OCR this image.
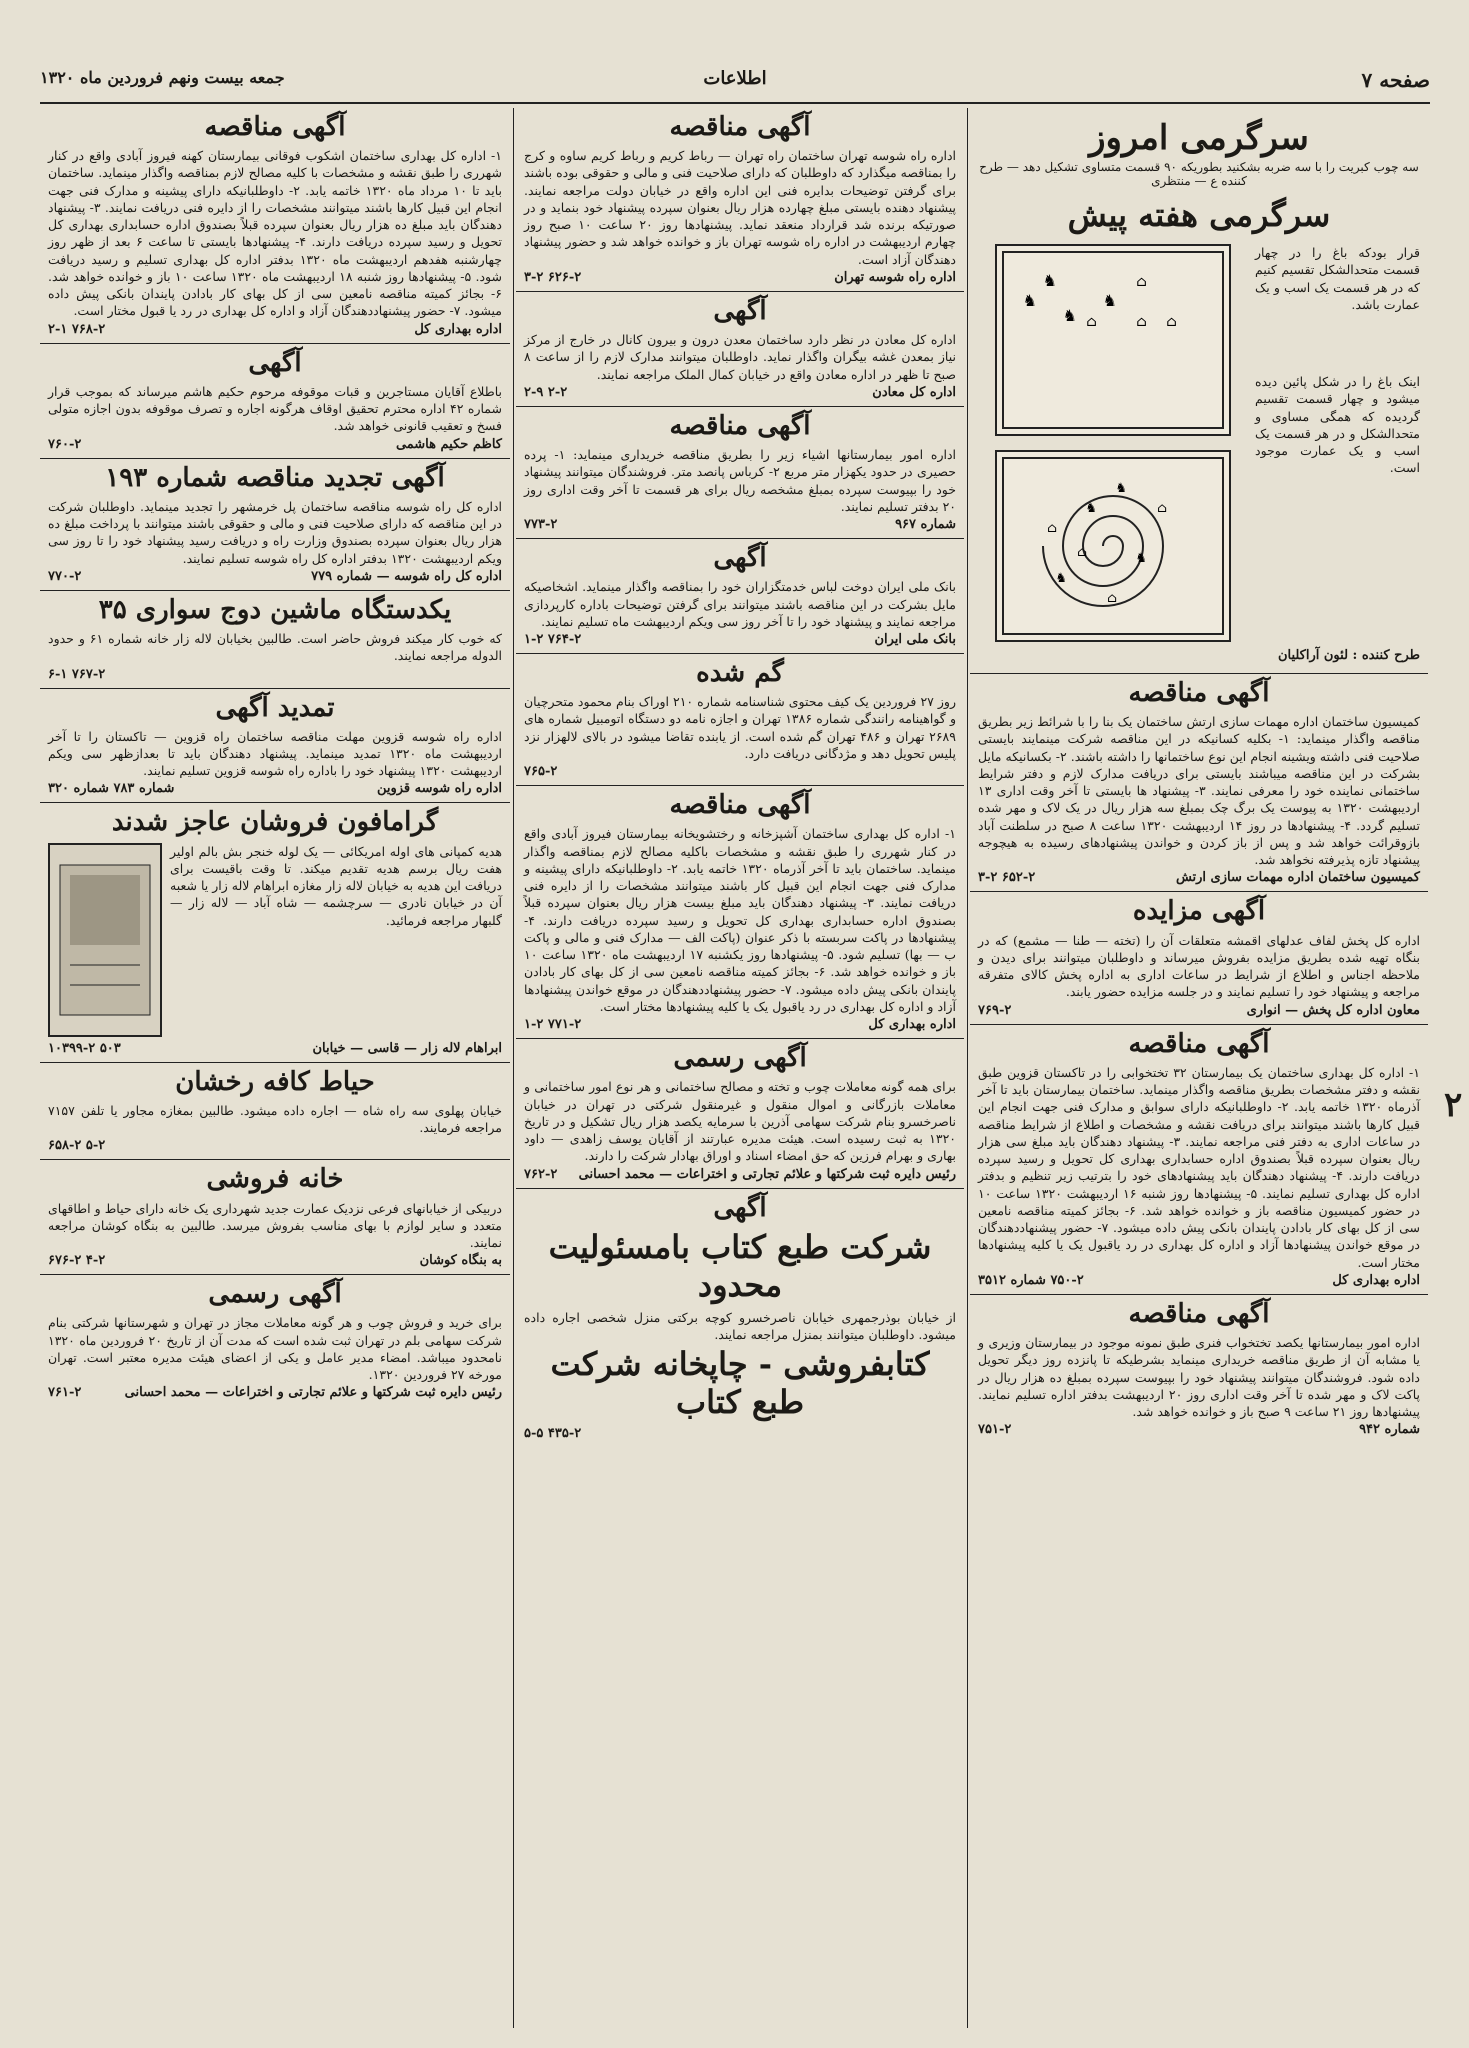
صفحه ۷
اطلاعات
جمعه بیست ونهم فروردین ماه ۱۳۲۰
سرگرمی امروز
سه چوب کبریت را با سه ضربه بشکنید بطوریکه ۹۰ قسمت متساوی تشکیل دهد — طرح کننده ع — منتظری
سرگرمی هفته پیش

قرار بودکه باغ را در چهار قسمت متحدالشکل تقسیم کنیم که در هر قسمت یک اسب و یک عمارت باشد.

اینک باغ را در شکل پائین دیده میشود و چهار قسمت تقسیم گردیده که همگی مساوی و متحدالشکل و در هر قسمت یک اسب و یک عمارت موجود است.

♞
♞
⌂
⌂	⌂ ⌂
♞
♞
♞
♞
♞
⌂
⌂
⌂
♞
⌂
طرح کننده : لئون آراکلیان
آگهی مناقصه

کمیسیون ساختمان اداره مهمات سازی ارتش ساختمان یک بنا را با شرائط زیر بطریق مناقصه واگذار مینماید: ۱- بکلیه کسانیکه در این مناقصه شرکت مینمایند بایستی صلاحیت فنی داشته ویشینه انجام این نوع ساختمانها را داشته باشند. ۲- بکسانیکه مایل بشرکت در این مناقصه میباشند بایستی برای دریافت مدارک لازم و دفتر شرایط ساختمانی نماینده خود را معرفی نمایند. ۳- پیشنهاد ها بایستی تا آخر وقت اداری ۱۳ اردیبهشت ۱۳۲۰ به پیوست یک برگ چک بمبلغ سه هزار ریال در یک لاک و مهر شده تسلیم گردد. ۴- پیشنهادها در روز ۱۴ اردیبهشت ۱۳۲۰ ساعت ۸ صبح در سلطنت آباد بازوقرائت خواهد شد و پس از باز کردن و خواندن پیشنهادهای رسیده به هیچوجه پیشنهاد تازه پذیرفته نخواهد شد.

کمیسیون ساختمان اداره مهمات سازی ارتش
۶۵۲-۲ ۳-۲
آگهی مزایده

اداره کل پخش لفاف عدلهای اقمشه متعلقات آن را (تخته — طنا — مشمع) که در بنگاه تهیه شده بطریق مزایده بفروش میرساند و داوطلبان میتوانند برای دیدن و ملاحظه اجناس و اطلاع از شرایط در ساعات اداری به اداره پخش کالای متفرقه مراجعه و پیشنهاد خود را تسلیم نمایند و در جلسه مزایده حضور یابند.

معاون اداره کل پخش — انواری
۷۶۹-۲
آگهی مناقصه

۱- اداره کل بهداری ساختمان یک بیمارستان ۳۲ تختخوابی را در تاکستان قزوین طبق نقشه و دفتر مشخصات بطریق مناقصه واگذار مینماید. ساختمان بیمارستان باید تا آخر آذرماه ۱۳۲۰ خاتمه یابد. ۲- داوطلبانیکه دارای سوابق و مدارک فنی جهت انجام این قبیل کارها باشند میتوانند برای دریافت نقشه و مشخصات و اطلاع از شرایط مناقصه در ساعات اداری به دفتر فنی مراجعه نمایند. ۳- پیشنهاد دهندگان باید مبلغ سی هزار ریال بعنوان سپرده قبلاً بصندوق اداره حسابداری بهداری کل تحویل و رسید سپرده دریافت دارند. ۴- پیشنهاد دهندگان باید پیشنهادهای خود را بترتیب زیر تنظیم و بدفتر اداره کل بهداری تسلیم نمایند. ۵- پیشنهادها روز شنبه ۱۶ اردیبهشت ۱۳۲۰ ساعت ۱۰ در حضور کمیسیون مناقصه باز و خوانده خواهد شد. ۶- بجائز کمیته مناقصه نامعین سی از کل بهای کار بادادن پایندان بانکی پیش داده میشود. ۷- حضور پیشنهاددهندگان در موقع خواندن پیشنهادها آزاد و اداره کل بهداری در رد یاقبول یک یا کلیه پیشنهادها مختار است.

اداره بهداری کل
۷۵۰-۲ شماره ۳۵۱۲
آگهی مناقصه

اداره امور بیمارستانها یکصد تختخواب فنری طبق نمونه موجود در بیمارستان وزیری و یا مشابه آن از طریق مناقصه خریداری مینماید بشرطیکه تا پانزده روز دیگر تحویل داده شود. فروشندگان میتوانند پیشنهاد خود را بپیوست سپرده بمبلغ ده هزار ریال در پاکت لاک و مهر شده تا آخر وقت اداری روز ۲۰ اردیبهشت بدفتر اداره تسلیم نمایند. پیشنهادها روز ۲۱ ساعت ۹ صبح باز و خوانده خواهد شد.

شماره ۹۴۲
۷۵۱-۲
آگهی مناقصه

اداره راه شوسه تهران ساختمان راه تهران — رباط کریم و رباط کریم ساوه و کرج را بمناقصه میگذارد که داوطلبان که دارای صلاحیت فنی و مالی و حقوقی بوده باشند برای گرفتن توضیحات بدایره فنی این اداره واقع در خیابان دولت مراجعه نمایند. پیشنهاد دهنده بایستی مبلغ چهارده هزار ریال بعنوان سپرده پیشنهاد خود بنماید و در صورتیکه برنده شد قرارداد منعقد نماید. پیشنهادها روز ۲۰ ساعت ۱۰ صبح روز چهارم اردیبهشت در اداره راه شوسه تهران باز و خوانده خواهد شد و حضور پیشنهاد دهندگان آزاد است.

اداره راه شوسه تهران
۶۲۶-۲ ۳-۲
آگهی

اداره کل معادن در نظر دارد ساختمان معدن درون و بیرون کانال در خارج از مرکز نیاز بمعدن غشه بیگران واگذار نماید. داوطلبان میتوانند مدارک لازم را از ساعت ۸ صبح تا ظهر در اداره معادن واقع در خیابان کمال الملک مراجعه نمایند.

اداره کل معادن
۲-۲ ۲-۹
آگهی مناقصه

اداره امور بیمارستانها اشیاء زیر را بطریق مناقصه خریداری مینماید: ۱- پرده حصیری در حدود یکهزار متر مربع ۲- کرباس پانصد متر. فروشندگان میتوانند پیشنهاد خود را بپیوست سپرده بمبلغ مشخصه ریال برای هر قسمت تا آخر وقت اداری روز ۲۰ بدفتر تسلیم نمایند.

شماره ۹۶۷
۷۷۳-۲
آگهی

بانک ملی ایران دوخت لباس خدمتگزاران خود را بمناقصه واگذار مینماید. اشخاصیکه مایل بشرکت در این مناقصه باشند میتوانند برای گرفتن توضیحات باداره کارپردازی مراجعه نمایند و پیشنهاد خود را تا آخر روز سی ویکم اردیبهشت ماه تسلیم نمایند.

بانک ملی ایران
۷۶۴-۲ ۱-۲
گم شده

روز ۲۷ فروردین یک کیف محتوی شناسنامه شماره ۲۱۰ اوراک بنام محمود متحرچیان و گواهینامه رانندگی شماره ۱۳۸۶ تهران و اجازه نامه دو دستگاه اتومبیل شماره های ۲۶۸۹ تهران و ۴۸۶ تهران گم شده است. از یابنده تقاضا میشود در بالای لالهزار نزد پلیس تحویل دهد و مژدگانی دریافت دارد.

۷۶۵-۲
آگهی مناقصه

۱- اداره کل بهداری ساختمان آشپزخانه و رختشویخانه بیمارستان فیروز آبادی واقع در کنار شهرری را طبق نقشه و مشخصات باکلیه مصالح لازم بمناقصه واگذار مینماید. ساختمان باید تا آخر آذرماه ۱۳۲۰ خاتمه یابد. ۲- داوطلبانیکه دارای پیشینه و مدارک فنی جهت انجام این قبیل کار باشند میتوانند مشخصات را از دایره فنی دریافت نمایند. ۳- پیشنهاد دهندگان باید مبلغ بیست هزار ریال بعنوان سپرده قبلاً بصندوق اداره حسابداری بهداری کل تحویل و رسید سپرده دریافت دارند. ۴- پیشنهادها در پاکت سربسته با ذکر عنوان (پاکت الف — مدارک فنی و مالی و پاکت ب — بها) تسلیم شود. ۵- پیشنهادها روز یکشنبه ۱۷ اردیبهشت ماه ۱۳۲۰ ساعت ۱۰ باز و خوانده خواهد شد. ۶- بجائز کمیته مناقصه نامعین سی از کل بهای کار بادادن پایندان بانکی پیش داده میشود. ۷- حضور پیشنهاددهندگان در موقع خواندن پیشنهادها آزاد و اداره کل بهداری در رد یاقبول یک یا کلیه پیشنهادها مختار است.

اداره بهداری کل
۷۷۱-۲ ۱-۲
آگهی رسمی

برای همه گونه معاملات چوب و تخته و مصالح ساختمانی و هر نوع امور ساختمانی و معاملات بازرگانی و اموال منقول و غیرمنقول شرکتی در تهران در خیابان ناصرخسرو بنام شرکت سهامی آذرین با سرمایه یکصد هزار ریال تشکیل و در تاریخ ۱۳۲۰ به ثبت رسیده است. هیئت مدیره عبارتند از آقایان یوسف زاهدی — داود بهاری و بهرام فرزین که حق امضاء اسناد و اوراق بهادار شرکت را دارند.

رئیس دایره ثبت شرکتها و علائم تجارتی و اختراعات — محمد احسانی
۷۶۲-۲
آگهی
شرکت طبع کتاب بامسئولیت محدود

از خیابان بوذرجمهری خیابان ناصرخسرو کوچه برکتی منزل شخصی اجاره داده میشود. داوطلبان میتوانند بمنزل مراجعه نمایند.

کتابفروشی - چاپخانه شرکت طبع کتاب
۴۳۵-۲ ۵-۵
آگهی مناقصه

۱- اداره کل بهداری ساختمان اشکوب فوقانی بیمارستان کهنه فیروز آبادی واقع در کنار شهرری را طبق نقشه و مشخصات با کلیه مصالح لازم بمناقصه واگذار مینماید. ساختمان باید تا ۱۰ مرداد ماه ۱۳۲۰ خاتمه یابد. ۲- داوطلبانیکه دارای پیشینه و مدارک فنی جهت انجام این قبیل کارها باشند میتوانند مشخصات را از دایره فنی دریافت نمایند. ۳- پیشنهاد دهندگان باید مبلغ ده هزار ریال بعنوان سپرده قبلاً بصندوق اداره حسابداری بهداری کل تحویل و رسید سپرده دریافت دارند. ۴- پیشنهادها بایستی تا ساعت ۶ بعد از ظهر روز چهارشنبه هفدهم اردیبهشت ماه ۱۳۲۰ بدفتر اداره کل بهداری تسلیم و رسید دریافت شود. ۵- پیشنهادها روز شنبه ۱۸ اردیبهشت ماه ۱۳۲۰ ساعت ۱۰ باز و خوانده خواهد شد. ۶- بجائز کمیته مناقصه نامعین سی از کل بهای کار بادادن پایندان بانکی پیش داده میشود. ۷- حضور پیشنهاددهندگان آزاد و اداره کل بهداری در رد یا قبول مختار است.

اداره بهداری کل
۷۶۸-۲ ۲-۱
آگهی

باطلاع آقایان مستاجرین و قبات موقوفه مرحوم حکیم هاشم میرساند که بموجب قرار شماره ۴۲ اداره محترم تحقیق اوقاف هرگونه اجاره و تصرف موقوفه بدون اجازه متولی فسخ و تعقیب قانونی خواهد شد.

کاظم حکیم هاشمی
۷۶۰-۲
آگهی تجدید مناقصه شماره ۱۹۳

اداره کل راه شوسه مناقصه ساختمان پل خرمشهر را تجدید مینماید. داوطلبان شرکت در این مناقصه که دارای صلاحیت فنی و مالی و حقوقی باشند میتوانند با پرداخت مبلغ ده هزار ریال بعنوان سپرده بصندوق وزارت راه و دریافت رسید پیشنهاد خود را تا روز سی ویکم اردیبهشت ۱۳۲۰ بدفتر اداره کل راه شوسه تسلیم نمایند.

اداره کل راه شوسه — شماره ۷۷۹
۷۷۰-۲
یکدستگاه ماشین دوج سواری ۳۵

که خوب کار میکند فروش حاضر است. طالبین بخیابان لاله زار خانه شماره ۶۱ و حدود الدوله مراجعه نمایند.

۷۶۷-۲ ۶-۱
تمدید آگهی

اداره راه شوسه قزوین مهلت مناقصه ساختمان راه قزوین — تاکستان را تا آخر اردیبهشت ماه ۱۳۲۰ تمدید مینماید. پیشنهاد دهندگان باید تا بعدازظهر سی ویکم اردیبهشت ۱۳۲۰ پیشنهاد خود را باداره راه شوسه قزوین تسلیم نمایند.

اداره راه شوسه قزوین
شماره ۷۸۳ شماره ۳۲۰
گرامافون فروشان عاجز شدند

هدیه کمپانی های اوله امریکائی — یک لوله خنجر بش بالم اولیر هفت ریال برسم هدیه تقدیم میکند. تا وقت باقیست برای دریافت این هدیه به خیابان لاله زار مغازه ابراهام لاله زار یا شعبه آن در خیابان نادری — سرچشمه — شاه آباد — لاله زار — گلبهار مراجعه فرمائید.

ابراهام لاله زار — قاسی — خیابان
۵۰۳ ۱۰۳۹۹-۲
حیاط کافه رخشان

خیابان پهلوی سه راه شاه — اجاره داده میشود. طالبین بمغازه مجاور یا تلفن ۷۱۵۷ مراجعه فرمایند.

۵-۲ ۶۵۸-۲
خانه فروشی

دربیکی از خیابانهای فرعی نزدیک عمارت جدید شهرداری یک خانه دارای حیاط و اطاقهای متعدد و سایر لوازم با بهای مناسب بفروش میرسد. طالبین به بنگاه کوشان مراجعه نمایند.

به بنگاه کوشان
۴-۲ ۶۷۶-۲
آگهی رسمی

برای خرید و فروش چوب و هر گونه معاملات مجاز در تهران و شهرستانها شرکتی بنام شرکت سهامی بلم در تهران ثبت شده است که مدت آن از تاریخ ۲۰ فروردین ماه ۱۳۲۰ نامحدود میباشد. امضاء مدیر عامل و یکی از اعضای هیئت مدیره معتبر است. تهران مورخه ۲۷ فروردین ۱۳۲۰.

رئیس دایره ثبت شرکتها و علائم تجارتی و اختراعات — محمد احسانی
۷۶۱-۲
۲
